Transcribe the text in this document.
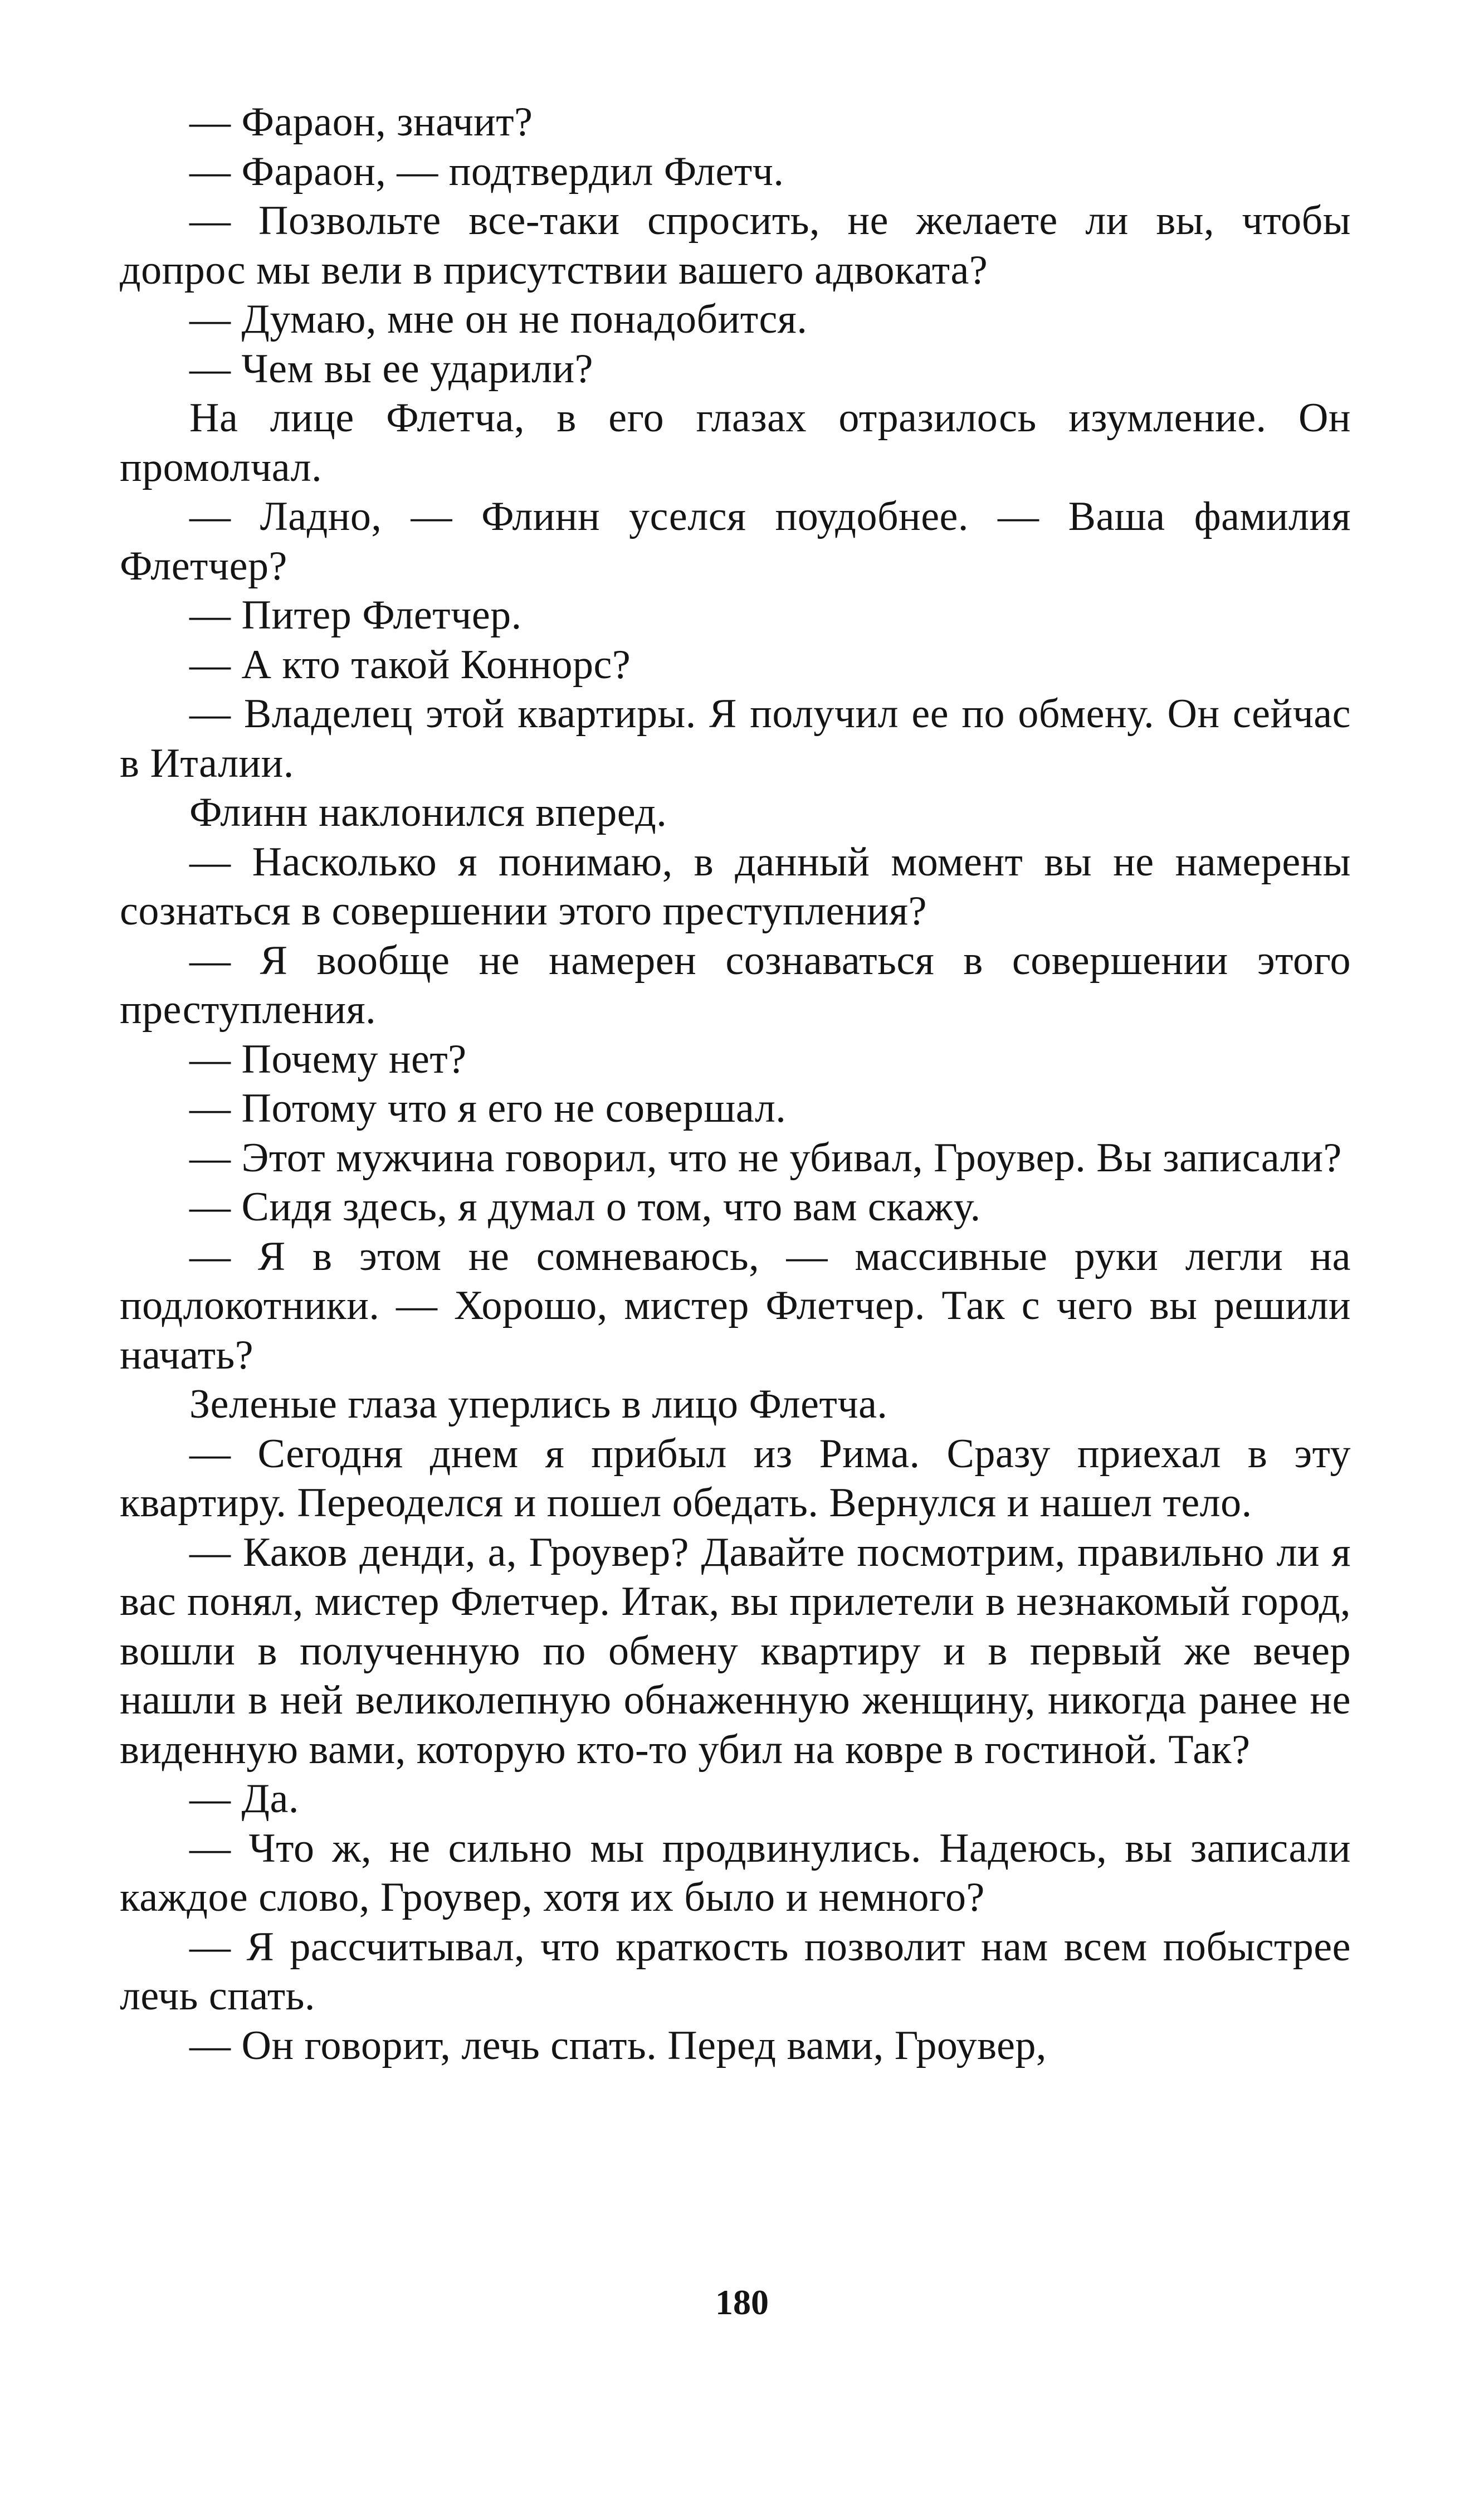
— Фараон, значит?

— Фараон, — подтвердил Флетч.

— Позвольте все-таки спросить, не желаете ли вы, чтобы допрос мы вели в присутствии вашего адвоката?

— Думаю, мне он не понадобится.

— Чем вы ее ударили?

На лице Флетча, в его глазах отразилось изумление. Он промолчал.

— Ладно, — Флинн уселся поудобнее. — Ваша фамилия Флетчер?

— Питер Флетчер.

— А кто такой Коннорс?

— Владелец этой квартиры. Я получил ее по обмену. Он сейчас в Италии.

Флинн наклонился вперед.

— Насколько я понимаю, в данный момент вы не намерены сознаться в совершении этого преступления?

— Я вообще не намерен сознаваться в совершении этого преступления.

— Почему нет?

— Потому что я его не совершал.

— Этот мужчина говорил, что не убивал, Гроувер. Вы записали?

— Сидя здесь, я думал о том, что вам скажу.

— Я в этом не сомневаюсь, — массивные руки легли на подлокотники. — Хорошо, мистер Флетчер. Так с чего вы решили начать?

Зеленые глаза уперлись в лицо Флетча.

— Сегодня днем я прибыл из Рима. Сразу приехал в эту квартиру. Переоделся и пошел обедать. Вернулся и нашел тело.

— Каков денди, а, Гроувер? Давайте посмотрим, правильно ли я вас понял, мистер Флетчер. Итак, вы прилетели в незнакомый город, вошли в полученную по обмену квартиру и в первый же вечер нашли в ней великолепную обнаженную женщину, никогда ранее не виденную вами, которую кто-то убил на ковре в гостиной. Так?

— Да.

— Что ж, не сильно мы продвинулись. Надеюсь, вы записали каждое слово, Гроувер, хотя их было и немного?

— Я рассчитывал, что краткость позволит нам всем побыстрее лечь спать.

— Он говорит, лечь спать. Перед вами, Гроувер,

180
